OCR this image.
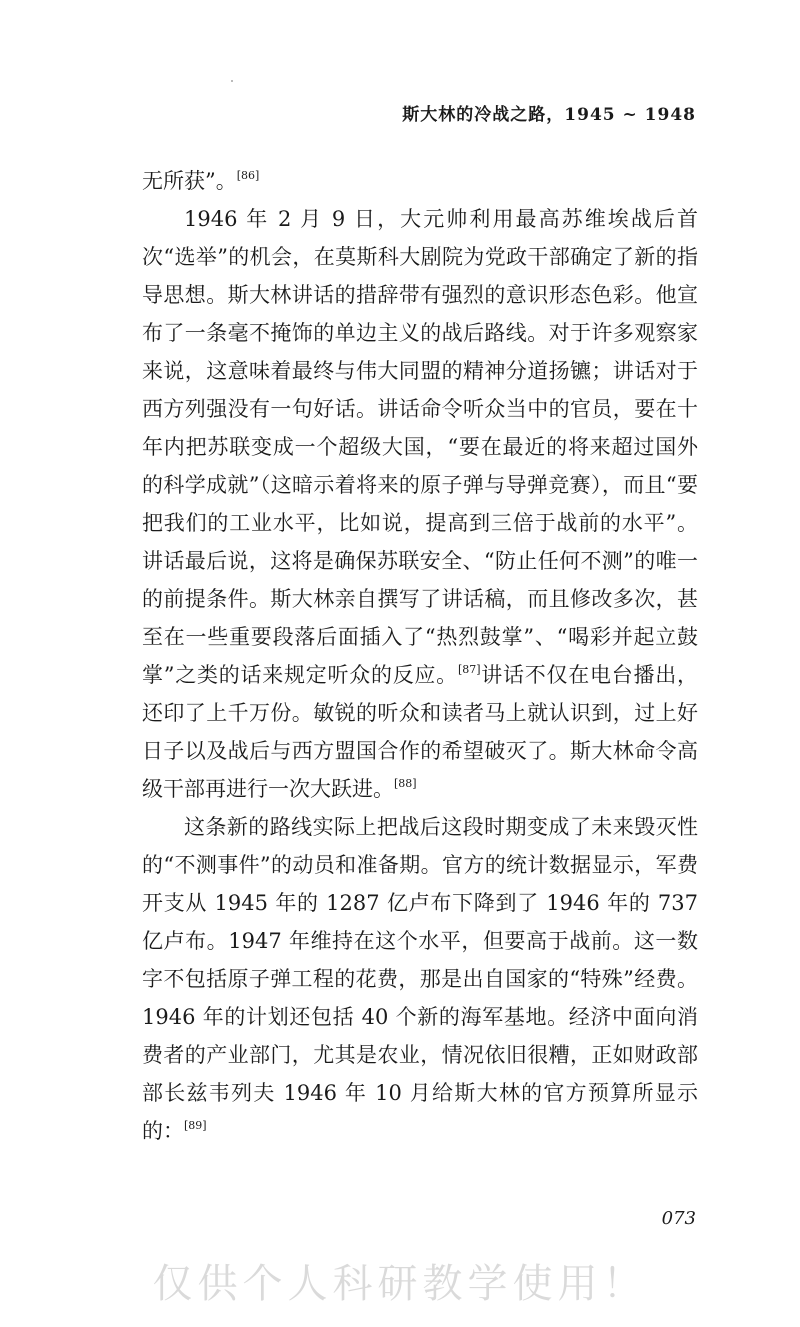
斯大林的冷战之路，1945 ~ 1948

无所获”。[86]

1946 年 2 月 9 日，大元帅利用最高苏维埃战后首次“选举”的机会，在莫斯科大剧院为党政干部确定了新的指导思想。斯大林讲话的措辞带有强烈的意识形态色彩。他宣布了一条毫不掩饰的单边主义的战后路线。对于许多观察家来说，这意味着最终与伟大同盟的精神分道扬镳；讲话对于西方列强没有一句好话。讲话命令听众当中的官员，要在十年内把苏联变成一个超级大国，“要在最近的将来超过国外的科学成就”（这暗示着将来的原子弹与导弹竞赛），而且“要把我们的工业水平，比如说，提高到三倍于战前的水平”。讲话最后说，这将是确保苏联安全、“防止任何不测”的唯一的前提条件。斯大林亲自撰写了讲话稿，而且修改多次，甚至在一些重要段落后面插入了“热烈鼓掌”、“喝彩并起立鼓掌”之类的话来规定听众的反应。[87]讲话不仅在电台播出，还印了上千万份。敏锐的听众和读者马上就认识到，过上好日子以及战后与西方盟国合作的希望破灭了。斯大林命令高级干部再进行一次大跃进。[88]

这条新的路线实际上把战后这段时期变成了未来毁灭性的“不测事件”的动员和准备期。官方的统计数据显示，军费开支从 1945 年的 1287 亿卢布下降到了 1946 年的 737 亿卢布。1947 年维持在这个水平，但要高于战前。这一数字不包括原子弹工程的花费，那是出自国家的“特殊”经费。1946 年的计划还包括 40 个新的海军基地。经济中面向消费者的产业部门，尤其是农业，情况依旧很糟，正如财政部部长兹韦列夫 1946 年 10 月给斯大林的官方预算所显示的：[89]

073
仅供个人科研教学使用！
